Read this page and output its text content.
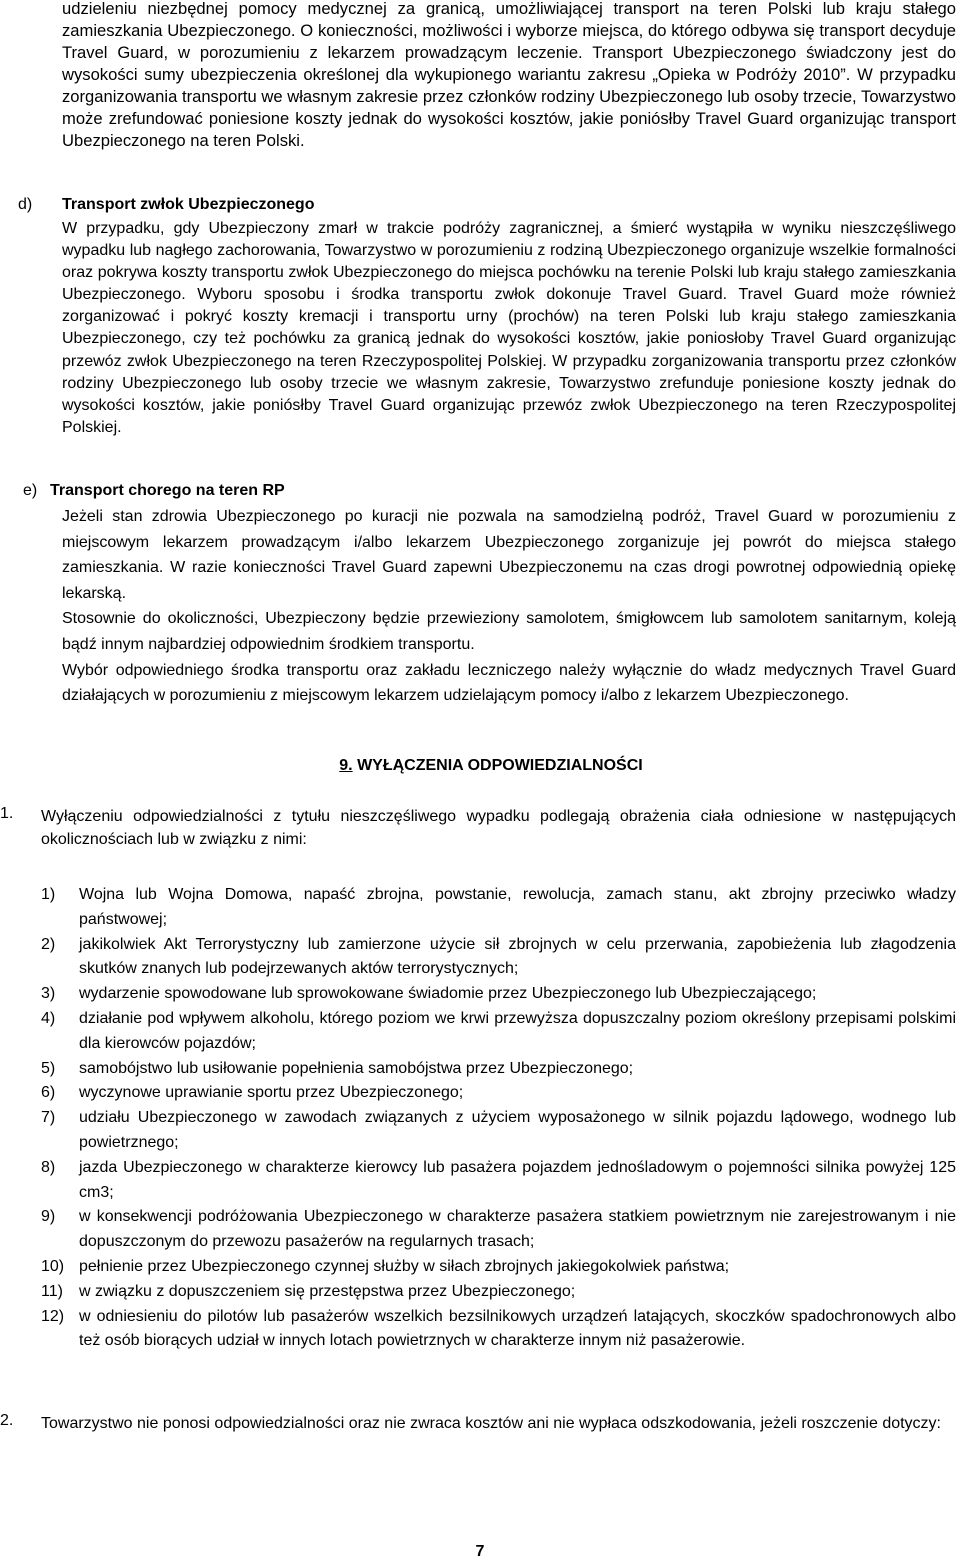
udzieleniu niezbędnej pomocy medycznej za granicą, umożliwiającej transport na teren Polski lub kraju stałego zamieszkania Ubezpieczonego. O konieczności, możliwości i wyborze miejsca, do którego odbywa się transport decyduje Travel Guard, w porozumieniu z lekarzem prowadzącym leczenie. Transport Ubezpieczonego świadczony jest do wysokości sumy ubezpieczenia określonej dla wykupionego wariantu zakresu „Opieka w Podróży 2010”. W przypadku zorganizowania transportu we własnym zakresie przez członków rodziny Ubezpieczonego lub osoby trzecie, Towarzystwo może zrefundować poniesione koszty jednak do wysokości kosztów, jakie poniósłby Travel Guard organizując transport Ubezpieczonego na teren Polski.

d) Transport zwłok Ubezpieczonego

W przypadku, gdy Ubezpieczony zmarł w trakcie podróży zagranicznej, a śmierć wystąpiła w wyniku nieszczęśliwego wypadku lub nagłego zachorowania, Towarzystwo w porozumieniu z rodziną Ubezpieczonego organizuje wszelkie formalności oraz pokrywa koszty transportu zwłok Ubezpieczonego do miejsca pochówku na terenie Polski lub kraju stałego zamieszkania Ubezpieczonego. Wyboru sposobu i środka transportu zwłok dokonuje Travel Guard. Travel Guard może również zorganizować i pokryć koszty kremacji i transportu urny (prochów) na teren Polski lub kraju stałego zamieszkania Ubezpieczonego, czy też pochówku za granicą jednak do wysokości kosztów, jakie poniosłoby Travel Guard organizując przewóz zwłok Ubezpieczonego na teren Rzeczypospolitej Polskiej. W przypadku zorganizowania transportu przez członków rodziny Ubezpieczonego lub osoby trzecie we własnym zakresie, Towarzystwo zrefunduje poniesione koszty jednak do wysokości kosztów, jakie poniósłby Travel Guard organizując przewóz zwłok Ubezpieczonego na teren Rzeczypospolitej Polskiej.

e) Transport chorego na teren RP

Jeżeli stan zdrowia Ubezpieczonego po kuracji nie pozwala na samodzielną podróż, Travel Guard w porozumieniu z miejscowym lekarzem prowadzącym i/albo lekarzem Ubezpieczonego zorganizuje jej powrót do miejsca stałego zamieszkania. W razie konieczności Travel Guard zapewni Ubezpieczonemu na czas drogi powrotnej odpowiednią opiekę lekarską.

Stosownie do okoliczności, Ubezpieczony będzie przewieziony samolotem, śmigłowcem lub samolotem sanitarnym, koleją bądź innym najbardziej odpowiednim środkiem transportu.

Wybór odpowiedniego środka transportu oraz zakładu leczniczego należy wyłącznie do władz medycznych Travel Guard działających w porozumieniu z miejscowym lekarzem udzielającym pomocy i/albo z lekarzem Ubezpieczonego.

9. WYŁĄCZENIA ODPOWIEDZIALNOŚCI
1. Wyłączeniu odpowiedzialności z tytułu nieszczęśliwego wypadku podlegają obrażenia ciała odniesione w następujących okolicznościach lub w związku z nimi:

1) Wojna lub Wojna Domowa, napaść zbrojna, powstanie, rewolucja, zamach stanu, akt zbrojny przeciwko władzy państwowej;
2) jakikolwiek Akt Terrorystyczny lub zamierzone użycie sił zbrojnych w celu przerwania, zapobieżenia lub złagodzenia skutków znanych lub podejrzewanych aktów terrorystycznych;
3) wydarzenie spowodowane lub sprowokowane świadomie przez Ubezpieczonego lub Ubezpieczającego;
4) działanie pod wpływem alkoholu, którego poziom we krwi przewyższa dopuszczalny poziom określony przepisami polskimi dla kierowców pojazdów;
5) samobójstwo lub usiłowanie popełnienia samobójstwa przez Ubezpieczonego;
6) wyczynowe uprawianie sportu przez Ubezpieczonego;
7) udziału Ubezpieczonego w zawodach związanych z użyciem wyposażonego w silnik pojazdu lądowego, wodnego lub powietrznego;
8) jazda Ubezpieczonego w charakterze kierowcy lub pasażera pojazdem jednośladowym o pojemności silnika powyżej 125 cm3;
9) w konsekwencji podróżowania Ubezpieczonego w charakterze pasażera statkiem powietrznym nie zarejestrowanym i nie dopuszczonym do przewozu pasażerów na regularnych trasach;
10) pełnienie przez Ubezpieczonego czynnej służby w siłach zbrojnych jakiegokolwiek państwa;
11) w związku z dopuszczeniem się przestępstwa przez Ubezpieczonego;
12) w odniesieniu do pilotów lub pasażerów wszelkich bezsilnikowych urządzeń latających, skoczków spadochronowych albo też osób biorących udział w innych lotach powietrznych w charakterze innym niż pasażerowie.
2. Towarzystwo nie ponosi odpowiedzialności oraz nie zwraca kosztów ani nie wypłaca odszkodowania, jeżeli roszczenie dotyczy:

7
